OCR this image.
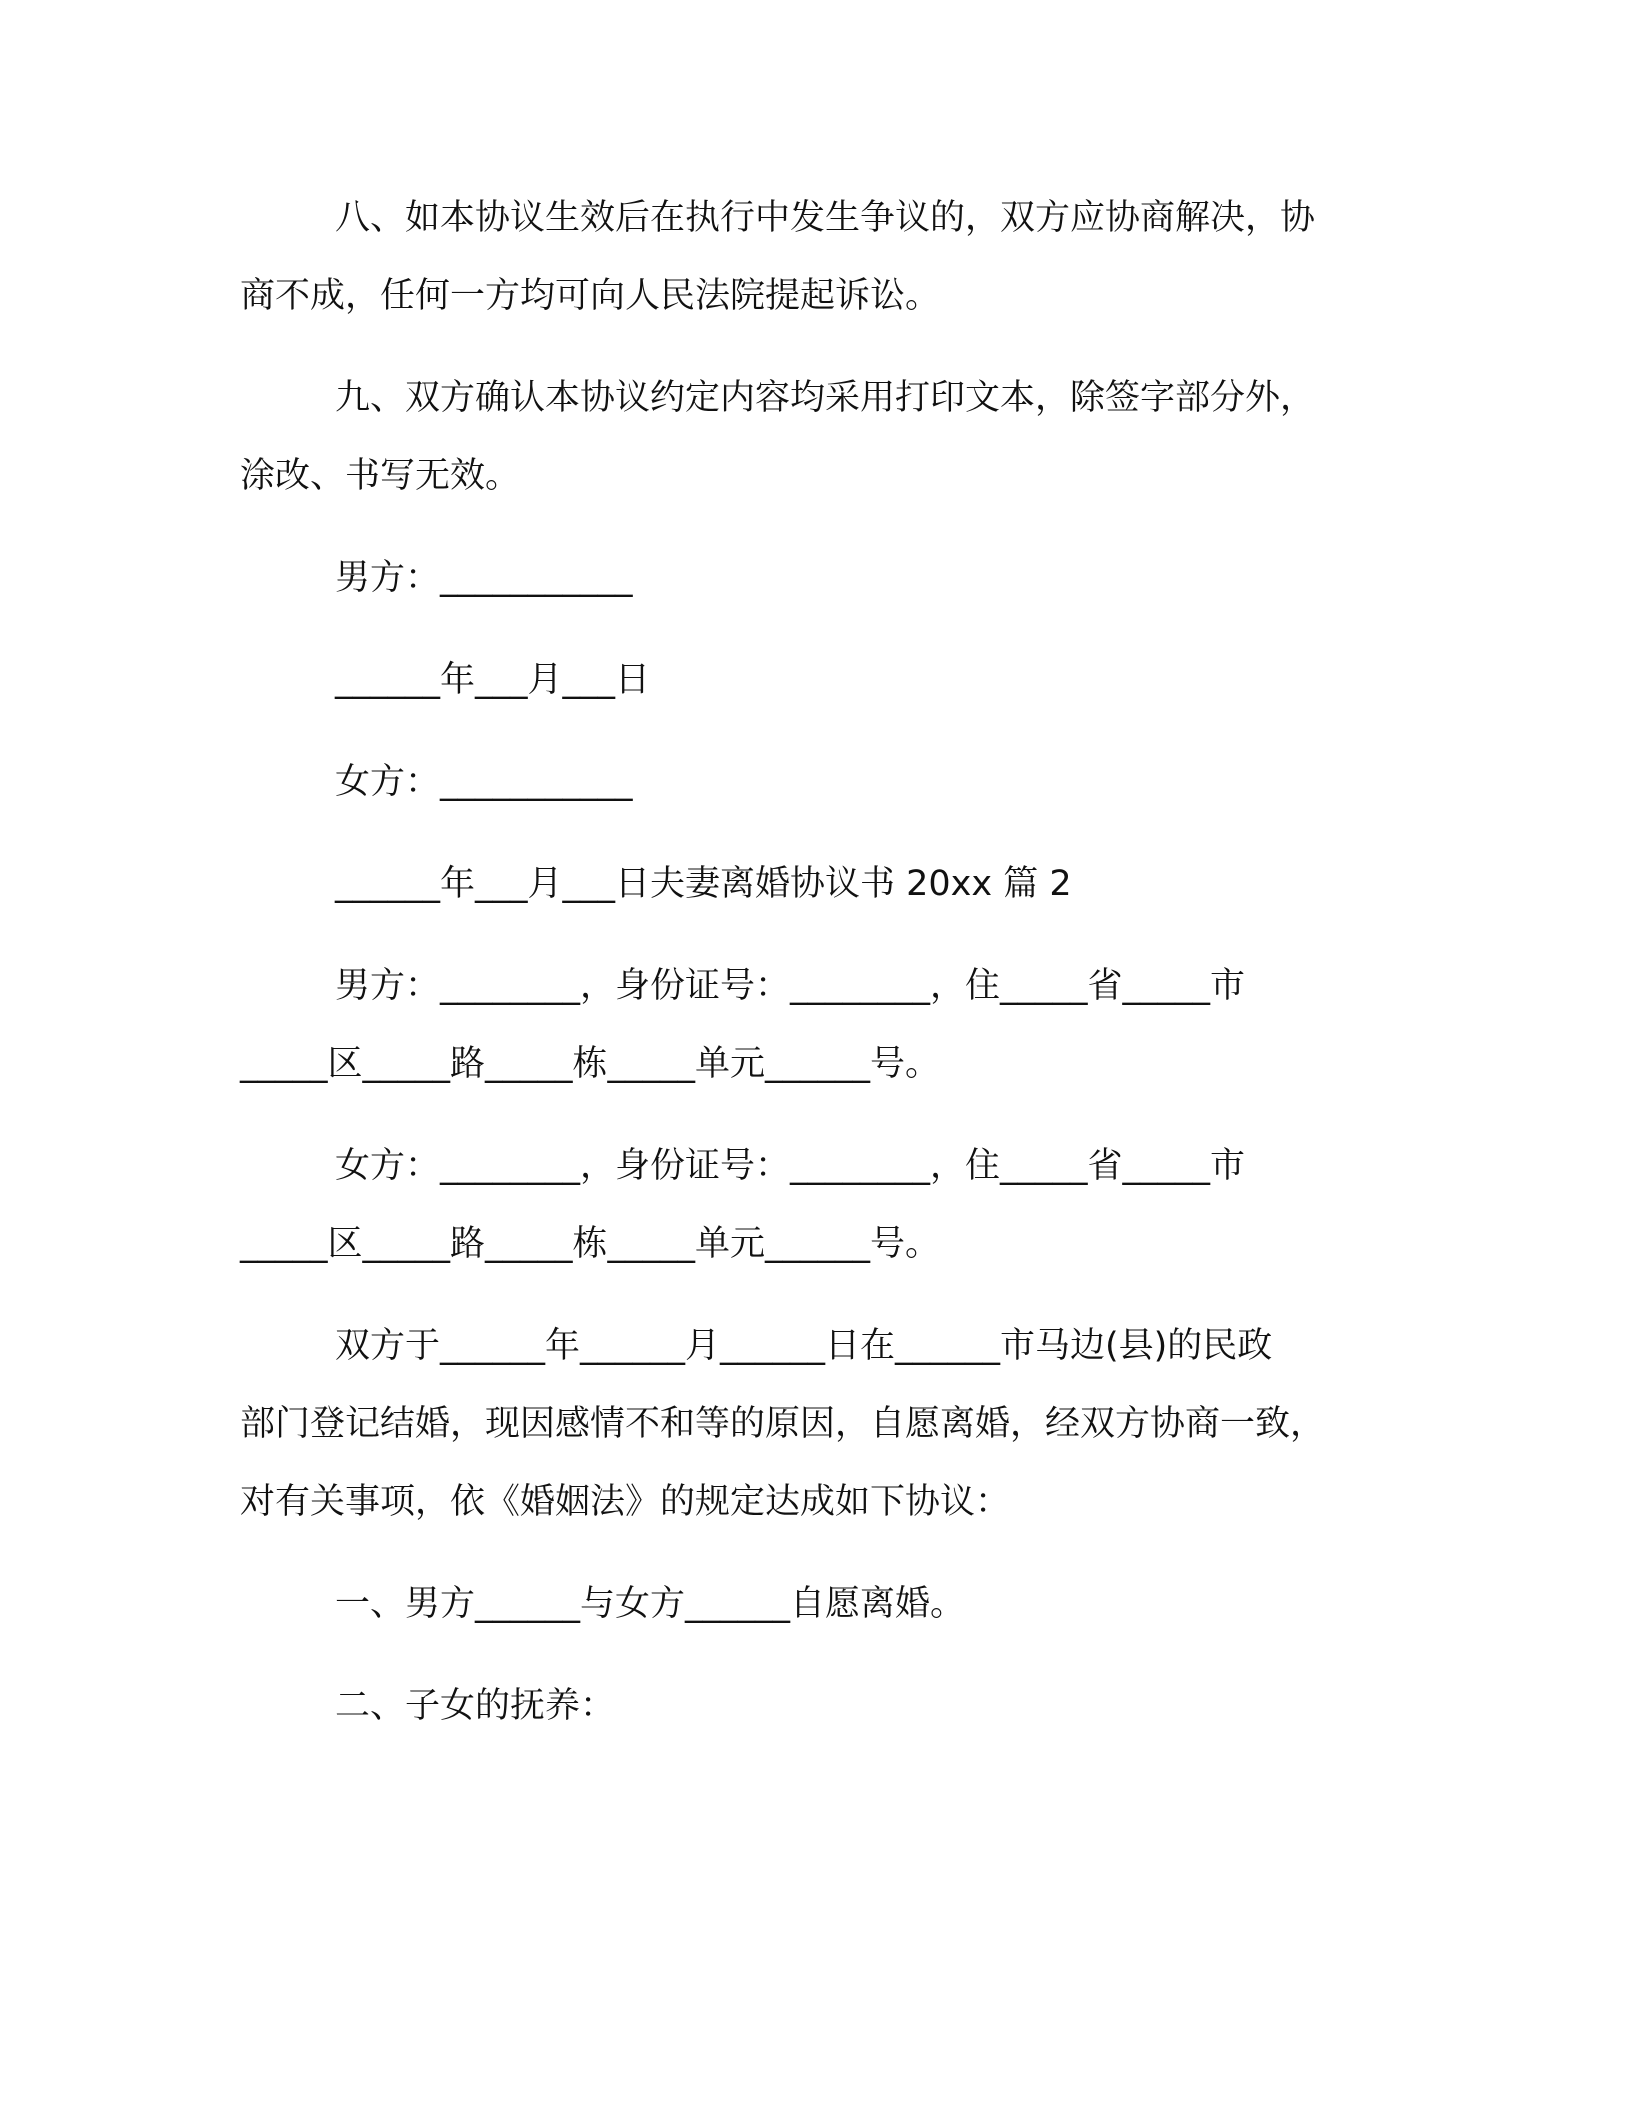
八、如本协议生效后在执行中发生争议的，双方应协商解决，协
商不成，任何一方均可向人民法院提起诉讼。
九、双方确认本协议约定内容均采用打印文本，除签字部分外，
涂改、书写无效。
男方：___________
______年___月___日
女方：___________
______年___月___日夫妻离婚协议书 20xx 篇 2
男方：________，身份证号：________，住_____省_____市
_____区_____路_____栋_____单元______号。
女方：________，身份证号：________，住_____省_____市
_____区_____路_____栋_____单元______号。
双方于______年______月______日在______市马边(县)的民政
部门登记结婚，现因感情不和等的原因，自愿离婚，经双方协商一致，
对有关事项，依《婚姻法》的规定达成如下协议：
一、男方______与女方______自愿离婚。
二、子女的抚养：
